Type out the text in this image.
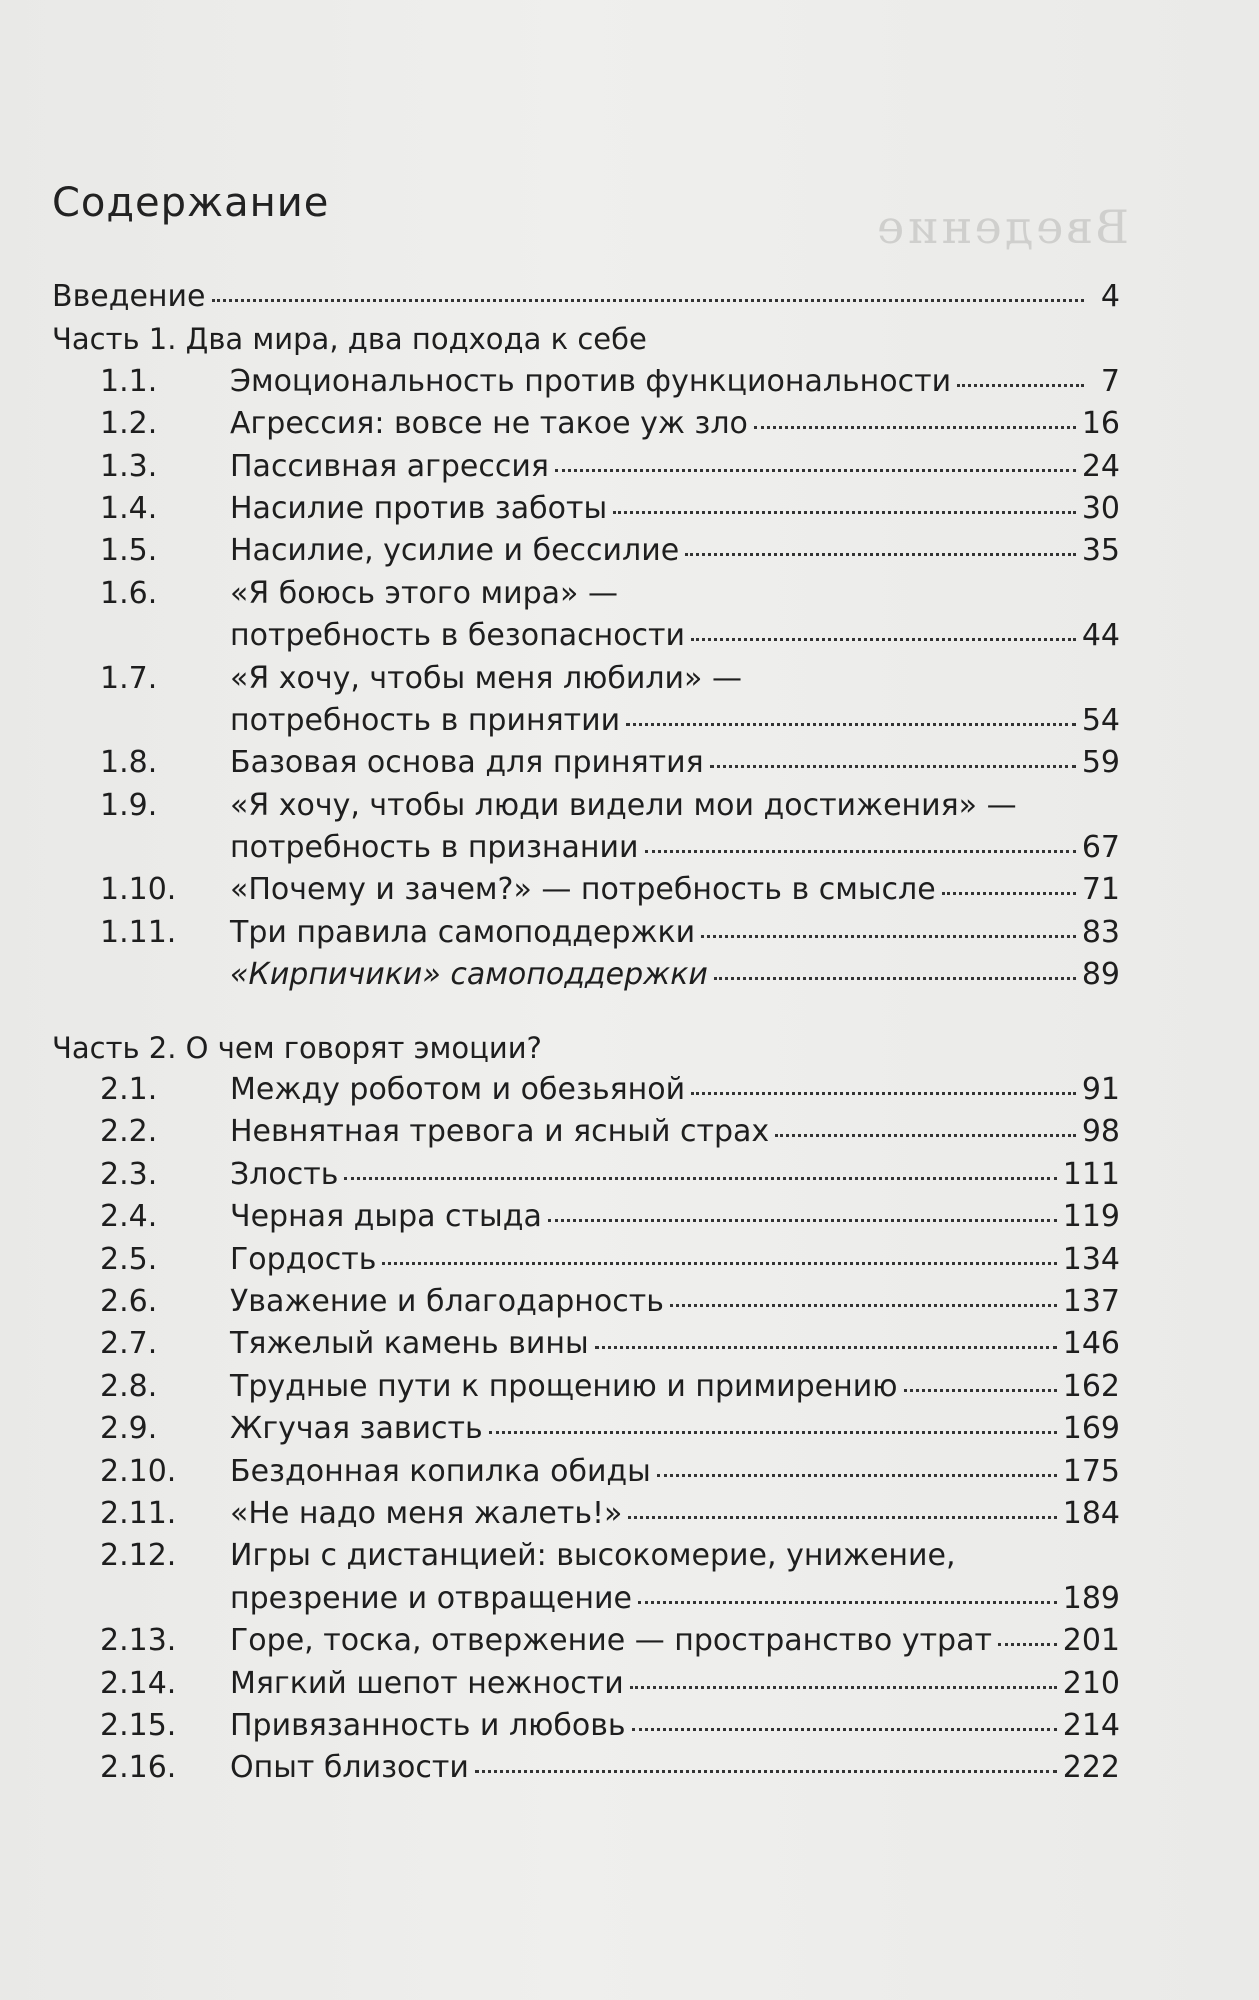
Введение
Содержание
Введение	4
Часть 1. Два мира, два подхода к себе
1.1.	Эмоциональность против функциональности	7
1.2.	Агрессия: вовсе не такое уж зло	16
1.3.	Пассивная агрессия	24
1.4.	Насилие против заботы	30
1.5.	Насилие, усилие и бессилие	35
1.6.	«Я боюсь этого мира» —
потребность в безопасности	44
1.7.	«Я хочу, чтобы меня любили» —
потребность в принятии	54
1.8.	Базовая основа для принятия	59
1.9.	«Я хочу, чтобы люди видели мои достижения» —
потребность в признании	67
1.10.	«Почему и зачем?» — потребность в смысле	71
1.11.	Три правила самоподдержки	83
«Кирпичики» самоподдержки	89
Часть 2. О чем говорят эмоции?
2.1.	Между роботом и обезьяной	91
2.2.	Невнятная тревога и ясный страх	98
2.3.	Злость	111
2.4.	Черная дыра стыда	119
2.5.	Гордость	134
2.6.	Уважение и благодарность	137
2.7.	Тяжелый камень вины	146
2.8.	Трудные пути к прощению и примирению	162
2.9.	Жгучая зависть	169
2.10.	Бездонная копилка обиды	175
2.11.	«Не надо меня жалеть!»	184
2.12.	Игры с дистанцией: высокомерие, унижение,
презрение и отвращение	189
2.13.	Горе, тоска, отвержение — пространство утрат 201
2.14.	Мягкий шепот нежности	210
2.15.	Привязанность и любовь	214
2.16.	Опыт близости	222
